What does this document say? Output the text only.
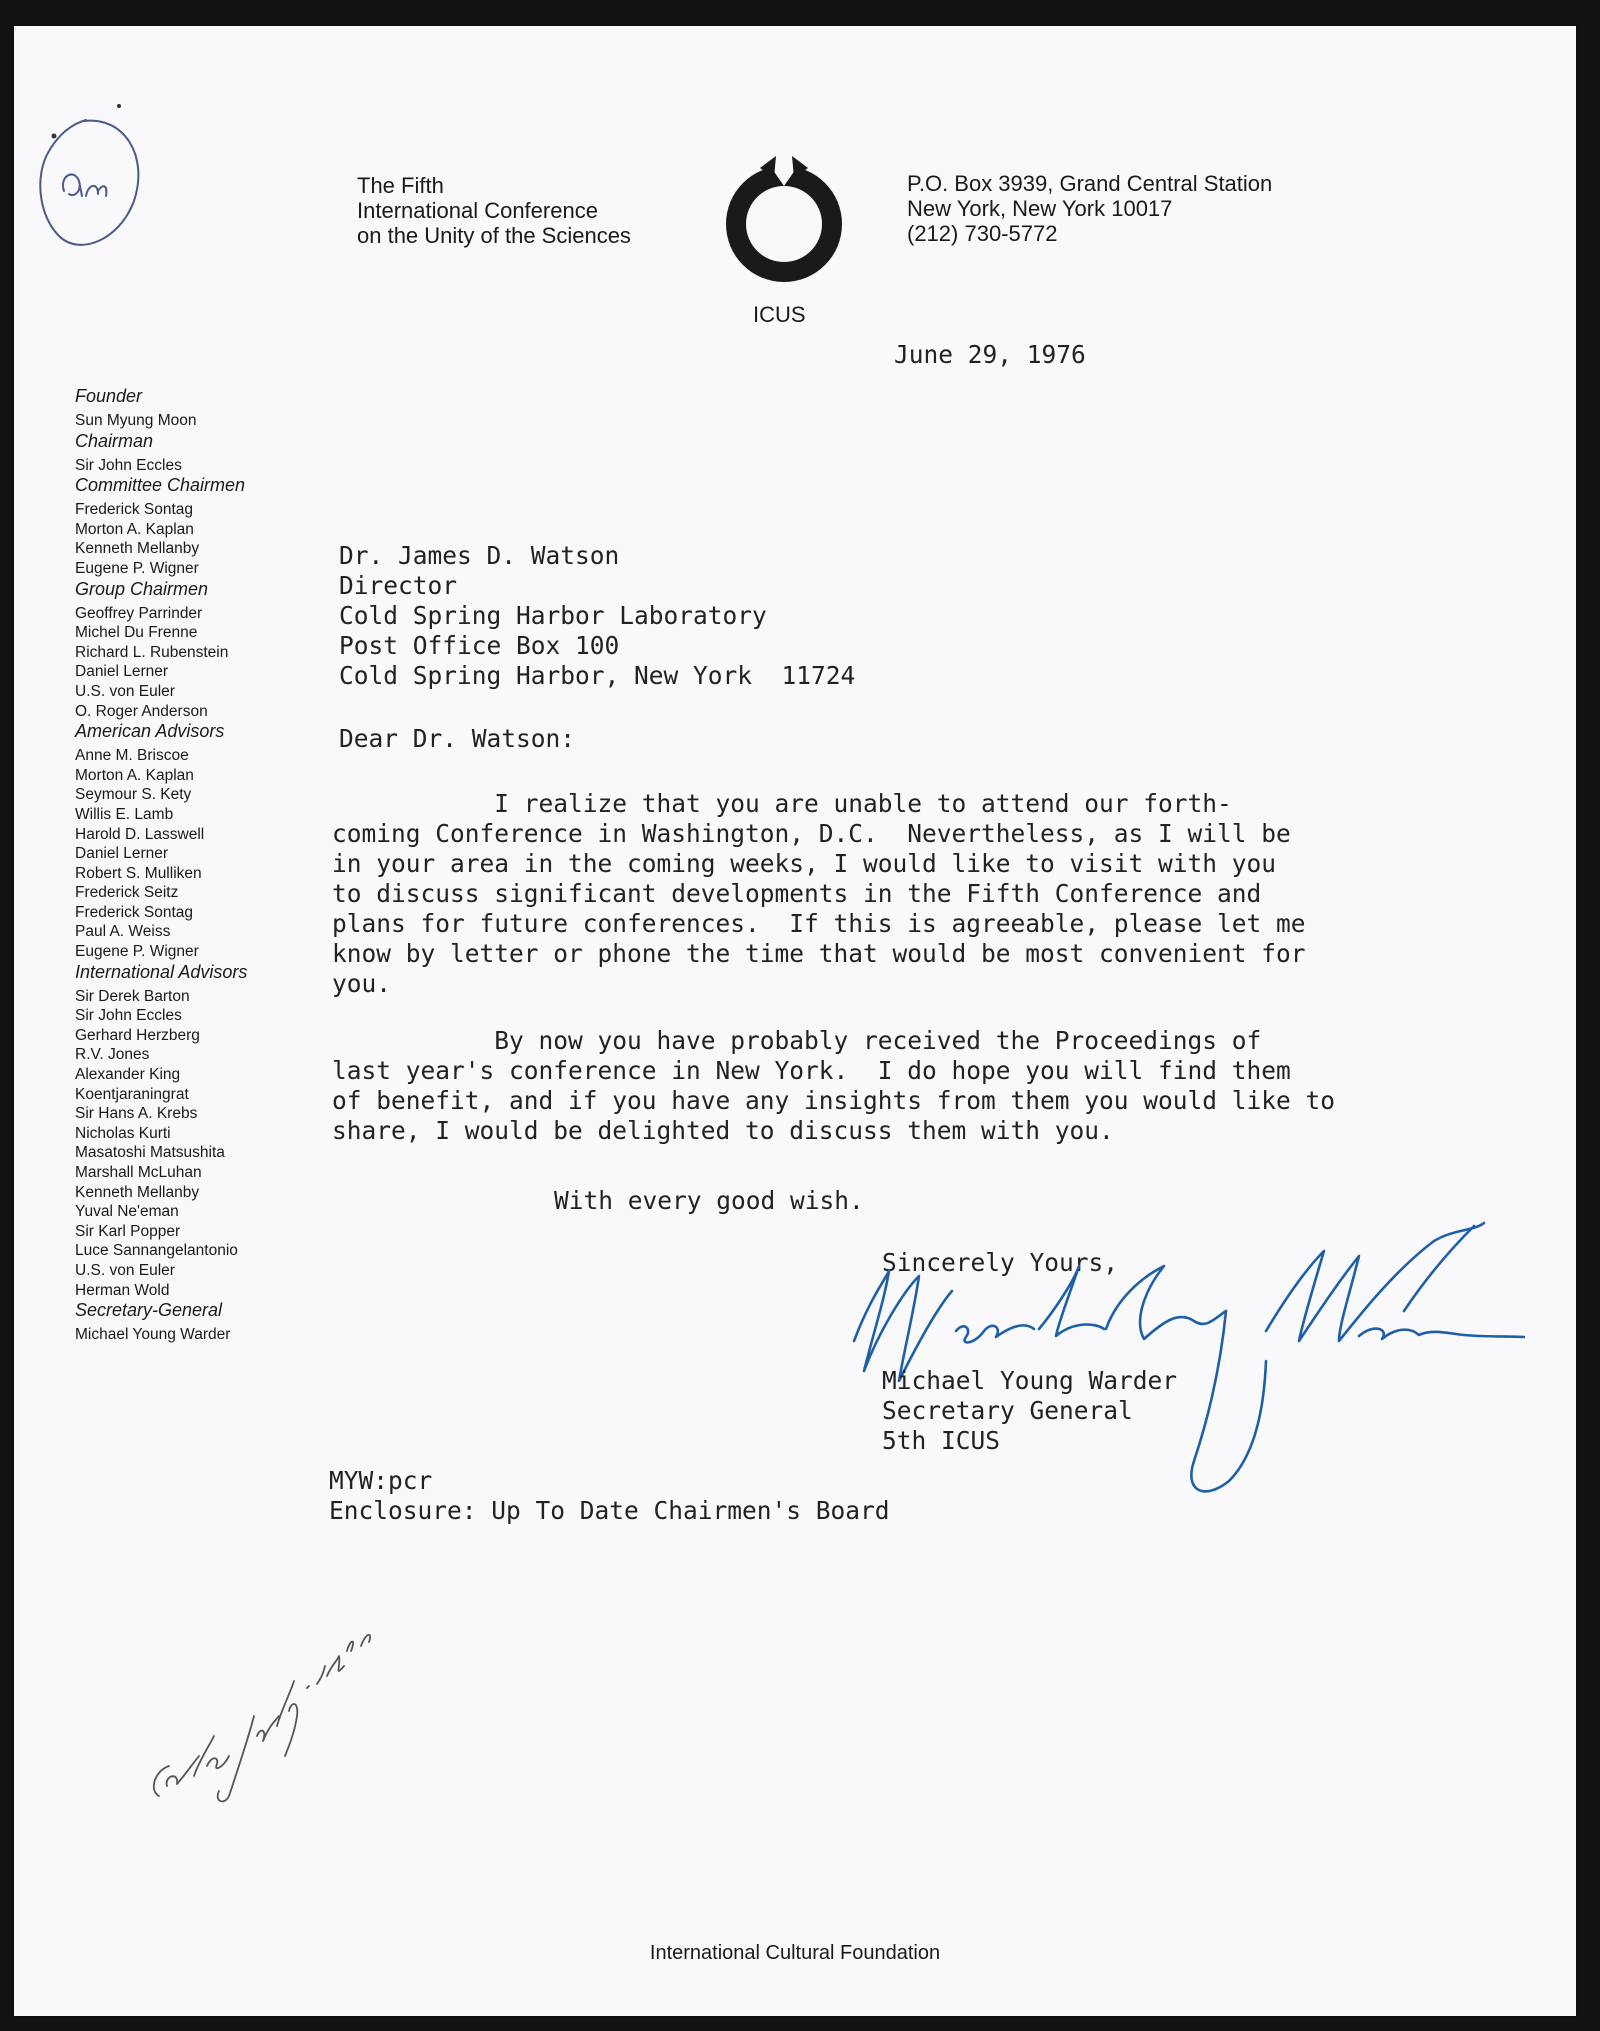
The Fifth
International Conference
on the Unity of the Sciences
ICUS
P.O. Box 3939, Grand Central Station
New York, New York 10017
(212) 730-5772
June 29, 1976
Founder
Sun Myung Moon
Chairman
Sir John Eccles
Committee Chairmen
Frederick Sontag
Morton A. Kaplan
Kenneth Mellanby
Eugene P. Wigner
Group Chairmen
Geoffrey Parrinder
Michel Du Frenne
Richard L. Rubenstein
Daniel Lerner
U.S. von Euler
O. Roger Anderson
American Advisors
Anne M. Briscoe
Morton A. Kaplan
Seymour S. Kety
Willis E. Lamb
Harold D. Lasswell
Daniel Lerner
Robert S. Mulliken
Frederick Seitz
Frederick Sontag
Paul A. Weiss
Eugene P. Wigner
International Advisors
Sir Derek Barton
Sir John Eccles
Gerhard Herzberg
R.V. Jones
Alexander King
Koentjaraningrat
Sir Hans A. Krebs
Nicholas Kurti
Masatoshi Matsushita
Marshall McLuhan
Kenneth Mellanby
Yuval Ne'eman
Sir Karl Popper
Luce Sannangelantonio
U.S. von Euler
Herman Wold
Secretary-General
Michael Young Warder
Dr. James D. Watson
Director
Cold Spring Harbor Laboratory
Post Office Box 100
Cold Spring Harbor, New York  11724
Dear Dr. Watson:
I realize that you are unable to attend our forth-
coming Conference in Washington, D.C.  Nevertheless, as I will be
in your area in the coming weeks, I would like to visit with you
to discuss significant developments in the Fifth Conference and
plans for future conferences.  If this is agreeable, please let me
know by letter or phone the time that would be most convenient for
you.
By now you have probably received the Proceedings of
last year's conference in New York.  I do hope you will find them
of benefit, and if you have any insights from them you would like to
share, I would be delighted to discuss them with you.
With every good wish.
Sincerely Yours,
Michael Young Warder
Secretary General
5th ICUS
MYW:pcr
Enclosure: Up To Date Chairmen's Board
International Cultural Foundation
